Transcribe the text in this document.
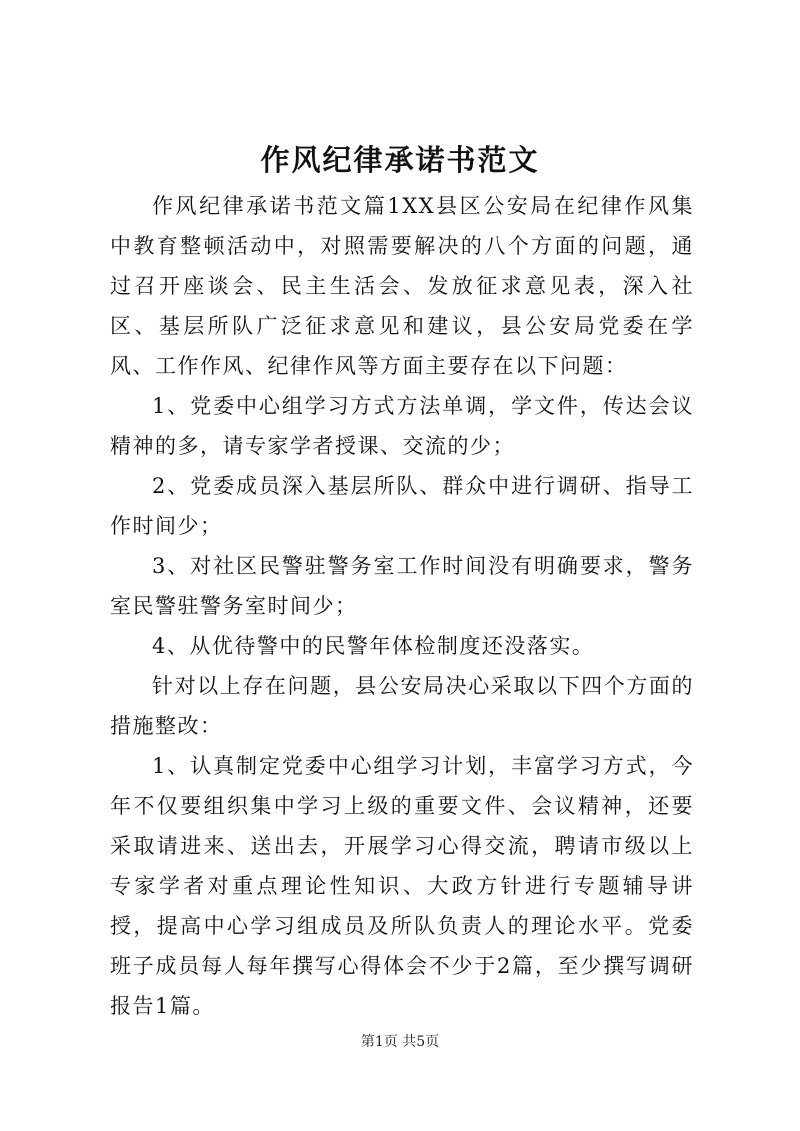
作风纪律承诺书范文

作风纪律承诺书范文篇1XX县区公安局在纪律作风集中教育整顿活动中，对照需要解决的八个方面的问题，通过召开座谈会、民主生活会、发放征求意见表，深入社区、基层所队广泛征求意见和建议，县公安局党委在学风、工作作风、纪律作风等方面主要存在以下问题：

1、党委中心组学习方式方法单调，学文件，传达会议精神的多，请专家学者授课、交流的少；

2、党委成员深入基层所队、群众中进行调研、指导工作时间少；

3、对社区民警驻警务室工作时间没有明确要求，警务室民警驻警务室时间少；

4、从优待警中的民警年体检制度还没落实。

针对以上存在问题，县公安局决心采取以下四个方面的措施整改：

1、认真制定党委中心组学习计划，丰富学习方式，今年不仅要组织集中学习上级的重要文件、会议精神，还要采取请进来、送出去，开展学习心得交流，聘请市级以上专家学者对重点理论性知识、大政方针进行专题辅导讲授，提高中心学习组成员及所队负责人的理论水平。党委班子成员每人每年撰写心得体会不少于2篇，至少撰写调研报告1篇。

第1页 共5页
